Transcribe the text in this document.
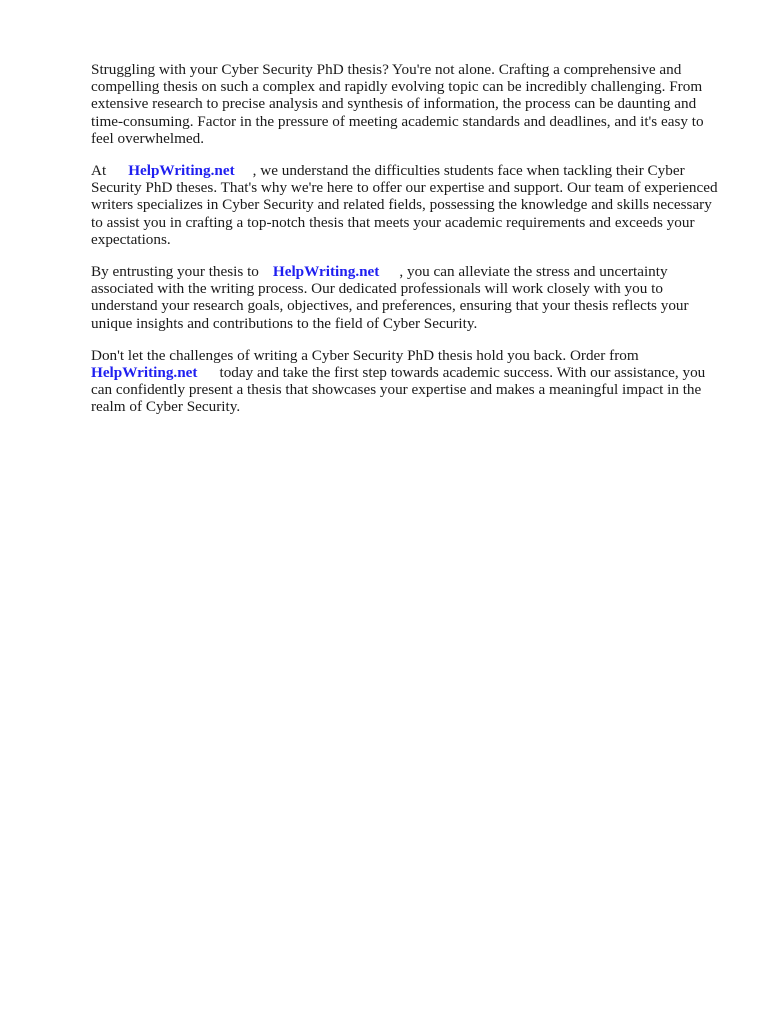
Struggling with your Cyber Security PhD thesis? You're not alone. Crafting a comprehensive and compelling thesis on such a complex and rapidly evolving topic can be incredibly challenging. From extensive research to precise analysis and synthesis of information, the process can be daunting and time-consuming. Factor in the pressure of meeting academic standards and deadlines, and it's easy to feel overwhelmed.

At HelpWriting.net , we understand the difficulties students face when tackling their Cyber Security PhD theses. That's why we're here to offer our expertise and support. Our team of experienced writers specializes in Cyber Security and related fields, possessing the knowledge and skills necessary to assist you in crafting a top-notch thesis that meets your academic requirements and exceeds your expectations.

By entrusting your thesis to HelpWriting.net , you can alleviate the stress and uncertainty associated with the writing process. Our dedicated professionals will work closely with you to understand your research goals, objectives, and preferences, ensuring that your thesis reflects your unique insights and contributions to the field of Cyber Security.

Don't let the challenges of writing a Cyber Security PhD thesis hold you back. Order from
HelpWriting.net today and take the first step towards academic success. With our assistance, you can confidently present a thesis that showcases your expertise and makes a meaningful impact in the realm of Cyber Security.
